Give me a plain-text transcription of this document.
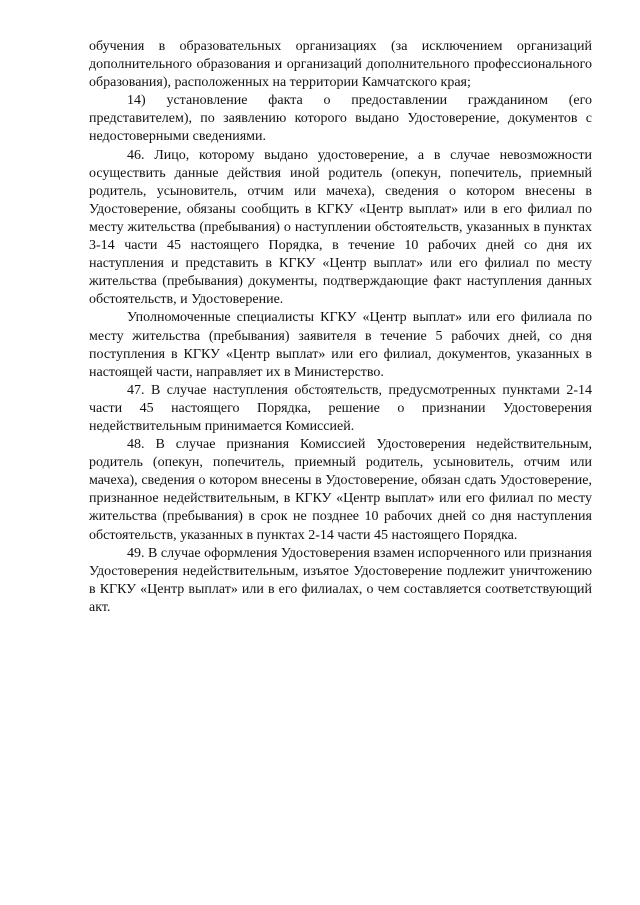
обучения в образовательных организациях (за исключением организаций дополнительного образования и организаций дополнительного профессионального образования), расположенных на территории Камчатского края;

14) установление факта о предоставлении гражданином (его представителем), по заявлению которого выдано Удостоверение, документов с недостоверными сведениями.

46. Лицо, которому выдано удостоверение, а в случае невозможности осуществить данные действия иной родитель (опекун, попечитель, приемный родитель, усыновитель, отчим или мачеха), сведения о котором внесены в Удостоверение, обязаны сообщить в КГКУ «Центр выплат» или в его филиал по месту жительства (пребывания) о наступлении обстоятельств, указанных в пунктах 3-14 части 45 настоящего Порядка, в течение 10 рабочих дней со дня их наступления и представить в КГКУ «Центр выплат» или его филиал по месту жительства (пребывания) документы, подтверждающие факт наступления данных обстоятельств, и Удостоверение.

Уполномоченные специалисты КГКУ «Центр выплат» или его филиала по месту жительства (пребывания) заявителя в течение 5 рабочих дней, со дня поступления в КГКУ «Центр выплат» или его филиал, документов, указанных в настоящей части, направляет их в Министерство.

47. В случае наступления обстоятельств, предусмотренных пунктами 2-14 части 45 настоящего Порядка, решение о признании Удостоверения недействительным принимается Комиссией.

48. В случае признания Комиссией Удостоверения недействительным, родитель (опекун, попечитель, приемный родитель, усыновитель, отчим или мачеха), сведения о котором внесены в Удостоверение, обязан сдать Удостоверение, признанное недействительным, в КГКУ «Центр выплат» или его филиал по месту жительства (пребывания) в срок не позднее 10 рабочих дней со дня наступления обстоятельств, указанных в пунктах 2-14 части 45 настоящего Порядка.

49. В случае оформления Удостоверения взамен испорченного или признания Удостоверения недействительным, изъятое Удостоверение подлежит уничтожению в КГКУ «Центр выплат» или в его филиалах, о чем составляется соответствующий акт.
